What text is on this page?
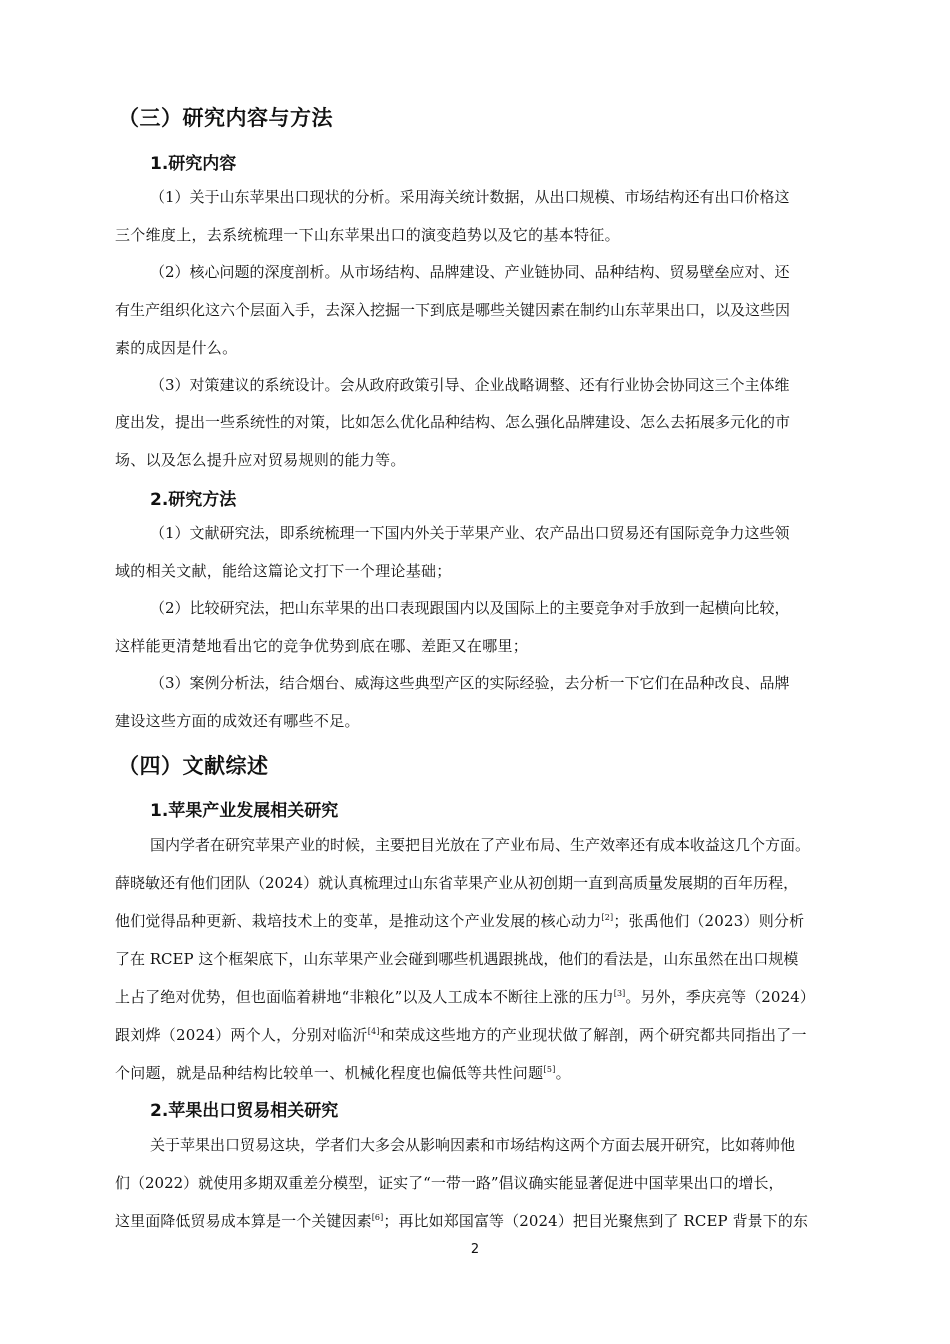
（三）研究内容与方法
1.研究内容
（1）关于山东苹果出口现状的分析。采用海关统计数据，从出口规模、市场结构还有出口价格这
三个维度上，去系统梳理一下山东苹果出口的演变趋势以及它的基本特征。
（2）核心问题的深度剖析。从市场结构、品牌建设、产业链协同、品种结构、贸易壁垒应对、还
有生产组织化这六个层面入手，去深入挖掘一下到底是哪些关键因素在制约山东苹果出口，以及这些因
素的成因是什么。
（3）对策建议的系统设计。会从政府政策引导、企业战略调整、还有行业协会协同这三个主体维
度出发，提出一些系统性的对策，比如怎么优化品种结构、怎么强化品牌建设、怎么去拓展多元化的市
场、以及怎么提升应对贸易规则的能力等。
2.研究方法
（1）文献研究法，即系统梳理一下国内外关于苹果产业、农产品出口贸易还有国际竞争力这些领
域的相关文献，能给这篇论文打下一个理论基础；
（2）比较研究法，把山东苹果的出口表现跟国内以及国际上的主要竞争对手放到一起横向比较，
这样能更清楚地看出它的竞争优势到底在哪、差距又在哪里；
（3）案例分析法，结合烟台、威海这些典型产区的实际经验，去分析一下它们在品种改良、品牌
建设这些方面的成效还有哪些不足。
（四）文献综述
1.苹果产业发展相关研究
国内学者在研究苹果产业的时候，主要把目光放在了产业布局、生产效率还有成本收益这几个方面。
薛晓敏还有他们团队（2024）就认真梳理过山东省苹果产业从初创期一直到高质量发展期的百年历程，
他们觉得品种更新、栽培技术上的变革，是推动这个产业发展的核心动力[2]；张禹他们（2023）则分析
了在 RCEP 这个框架底下，山东苹果产业会碰到哪些机遇跟挑战，他们的看法是，山东虽然在出口规模
上占了绝对优势，但也面临着耕地“非粮化”以及人工成本不断往上涨的压力[3]。另外，季庆亮等（2024）
跟刘烨（2024）两个人，分别对临沂[4]和荣成这些地方的产业现状做了解剖，两个研究都共同指出了一
个问题，就是品种结构比较单一、机械化程度也偏低等共性问题[5]。
2.苹果出口贸易相关研究
关于苹果出口贸易这块，学者们大多会从影响因素和市场结构这两个方面去展开研究，比如蒋帅他
们（2022）就使用多期双重差分模型，证实了“一带一路”倡议确实能显著促进中国苹果出口的增长，
这里面降低贸易成本算是一个关键因素[6]；再比如郑国富等（2024）把目光聚焦到了 RCEP 背景下的东
2
